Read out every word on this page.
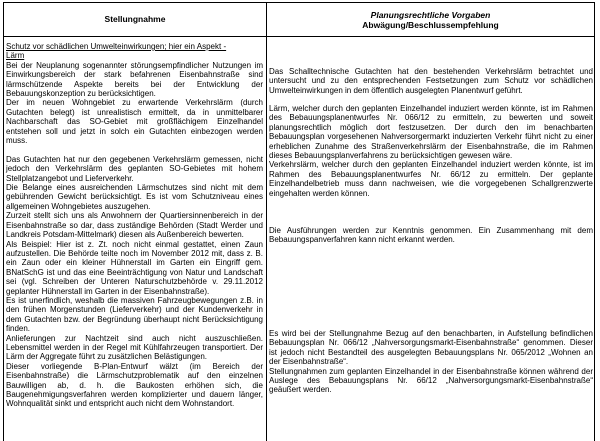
Stellungnahme	Planungsrechtliche Vorgaben
Abwägung/Beschlussempfehlung

Schutz vor schädlichen Umwelteinwirkungen; hier ein Aspekt -

Lärm

Bei der Neuplanung sogenannter störungsempfindlicher Nutzungen im Einwirkungsbereich der stark befahrenen Eisenbahnstraße sind lärmschützende Aspekte bereits bei der Entwicklung der Bebauungskonzeption zu berücksichtigen.

Der im neuen Wohngebiet zu erwartende Verkehrslärm (durch Gutachten belegt) ist unrealistisch ermittelt, da in unmittelbarer Nachbarschaft das SO-Gebiet mit großflächigem Einzelhandel entstehen soll und jetzt in solch ein Gutachten einbezogen werden muss.

Das Gutachten hat nur den gegebenen Verkehrslärm gemessen, nicht jedoch den Verkehrslärm des geplanten SO-Gebietes mit hohem Stellplatzangebot und Lieferverkehr.

Die Belange eines ausreichenden Lärmschutzes sind nicht mit dem gebührenden Gewicht berücksichtigt. Es ist vom Schutzniveau eines allgemeinen Wohngebietes auszugehen.

Zurzeit stellt sich uns als Anwohnern der Quartiersinnenbereich in der Eisenbahnstraße so dar, dass zuständige Behörden (Stadt Werder und Landkreis Potsdam-Mittelmark) diesen als Außenbereich bewerten.

Als Beispiel: Hier ist z. Zt. noch nicht einmal gestattet, einen Zaun aufzustellen. Die Behörde teilte noch im November 2012 mit, dass z. B. ein Zaun oder ein kleiner Hühnerstall im Garten ein Eingriff gem. BNatSchG ist und das eine Beeinträchtigung von Natur und Landschaft sei (vgl. Schreiben der Unteren Naturschutzbehörde v. 29.11.2012 geplanter Hühnerstall im Garten in der Eisenbahnstraße).

Es ist unerfindlich, weshalb die massiven Fahrzeugbewegungen z.B. in den frühen Morgenstunden (Lieferverkehr) und der Kundenverkehr in dem Gutachten bzw. der Begründung überhaupt nicht Berücksichtigung finden.

Anlieferungen zur Nachtzeit sind auch nicht auszuschließen. Lebensmittel werden in der Regel mit Kühlfahrzeugen transportiert. Der Lärm der Aggregate führt zu zusätzlichen Belästigungen.

Dieser vorliegende B-Plan-Entwurf wälzt (im Bereich der Eisenbahnstraße) die Lärmschutzproblematik auf den einzelnen Bauwilligen ab, d. h. die Baukosten erhöhen sich, die Baugenehmigungsverfahren werden komplizierter und dauern länger, Wohnqualität sinkt und entspricht auch nicht dem Wohnstandort.

Das Schalltechnische Gutachten hat den bestehenden Verkehrslärm betrachtet und untersucht und zu den entsprechenden Festsetzungen zum Schutz vor schädlichen Umwelteinwirkungen in dem öffentlich ausgelegten Planentwurf geführt.

Lärm, welcher durch den geplanten Einzelhandel induziert werden könnte, ist im Rahmen des Bebauungsplanentwurfes Nr. 066/12 zu ermitteln, zu bewerten und soweit planungsrechtlich möglich dort festzusetzen. Der durch den im benachbarten Bebauungsplan vorgesehenen Nahversorgermarkt induzierten Verkehr führt nicht zu einer erheblichen Zunahme des Straßenverkehrslärm der Eisenbahnstraße, die im Rahmen dieses Bebauungsplanverfahrens zu berücksichtigen gewesen wäre.

Verkehrslärm, welcher durch den geplanten Einzelhandel induziert werden könnte, ist im Rahmen des Bebauungsplanentwurfes Nr. 66/12 zu ermitteln. Der geplante Einzelhandelbetrieb muss dann nachweisen, wie die vorgegebenen Schallgrenzwerte eingehalten werden können.

Die Ausführungen werden zur Kenntnis genommen. Ein Zusammenhang mit dem Bebauungspanverfahren kann nicht erkannt werden.

Es wird bei der Stellungnahme Bezug auf den benachbarten, in Aufstellung befindlichen Bebauungsplan Nr. 066/12 „Nahversorgungsmarkt-Eisenbahnstraße“ genommen. Dieser ist jedoch nicht Bestandteil des ausgelegten Bebauungsplans Nr. 065/2012 „Wohnen an der Eisenbahnstraße“.

Stellungnahmen zum geplanten Einzelhandel in der Eisenbahnstraße können während der Auslege des Bebauungsplans Nr. 66/12 „Nahversorgungsmarkt-Eisenbahnstraße“ geäußert werden.
